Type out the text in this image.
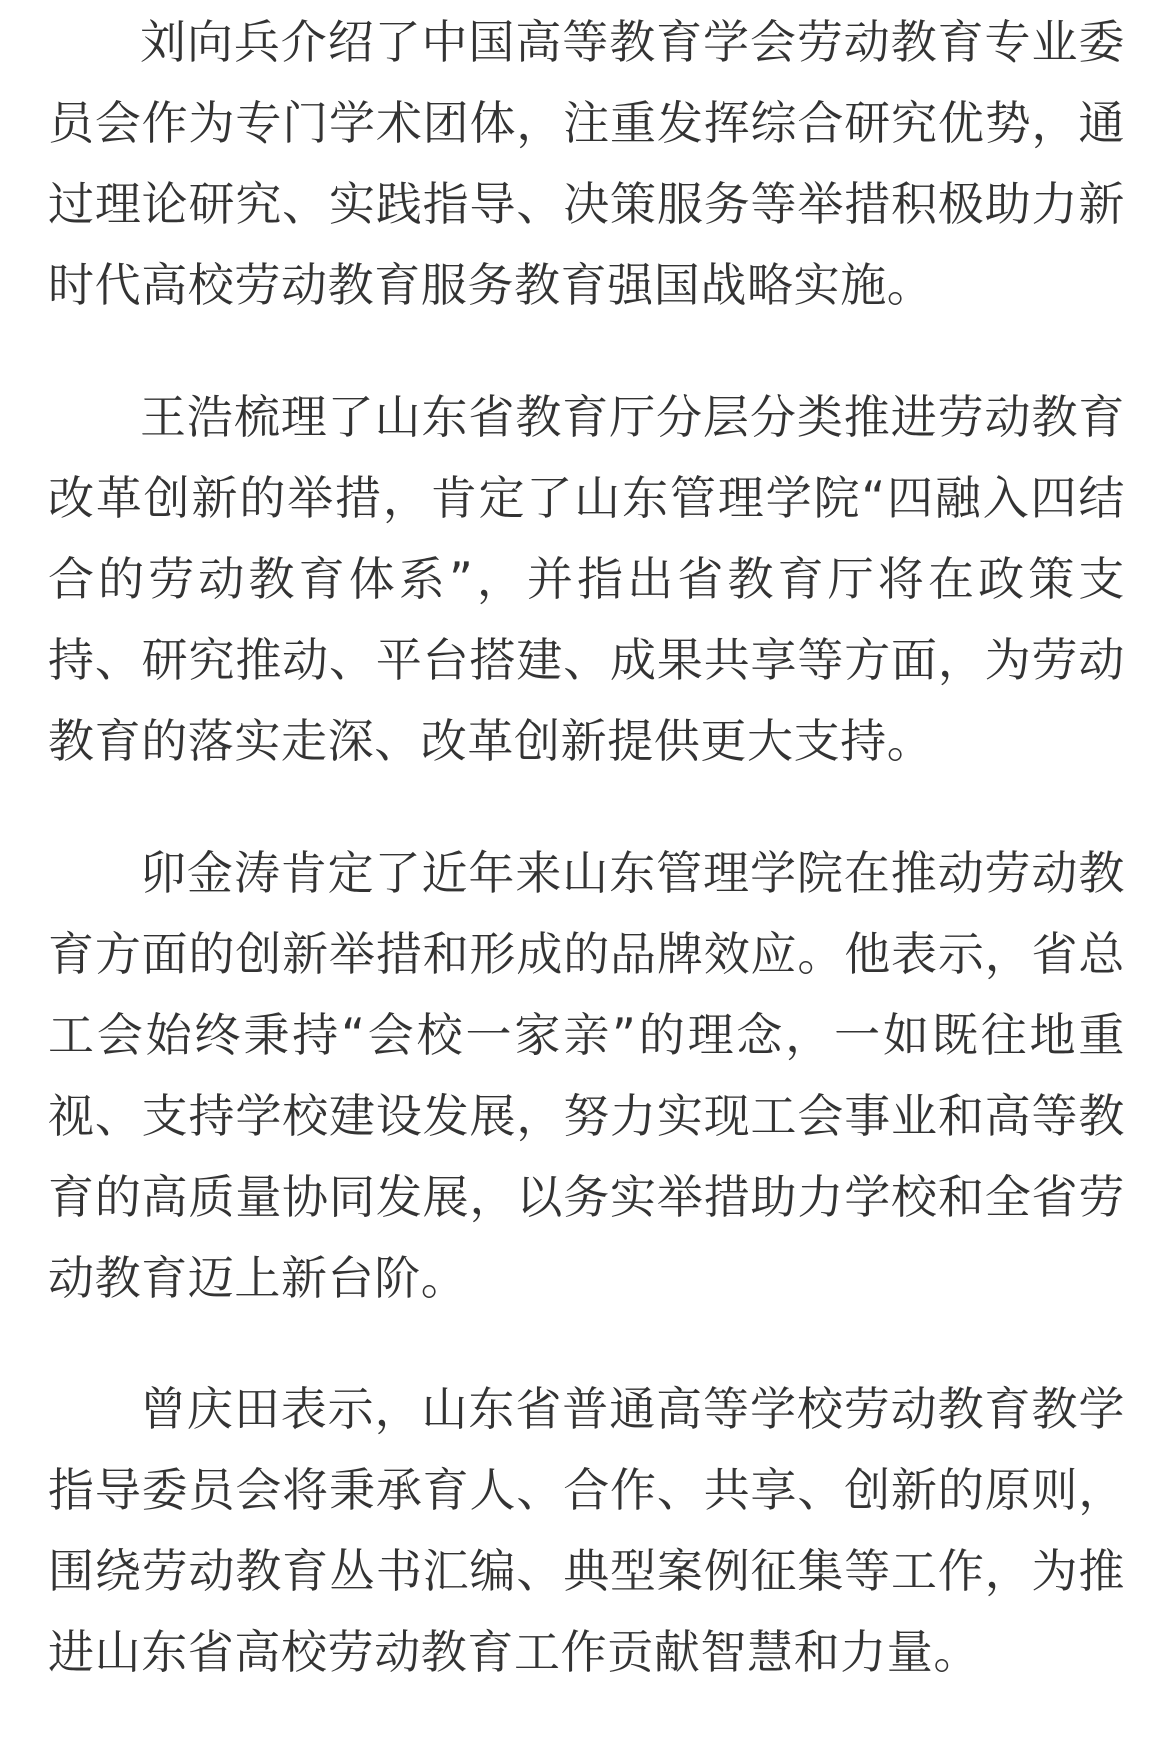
刘向兵介绍了中国高等教育学会劳动教育专业委员会作为专门学术团体，注重发挥综合研究优势，通过理论研究、实践指导、决策服务等举措积极助力新时代高校劳动教育服务教育强国战略实施。

王浩梳理了山东省教育厅分层分类推进劳动教育改革创新的举措，肯定了山东管理学院“四融入四结合的劳动教育体系”，并指出省教育厅将在政策支持、研究推动、平台搭建、成果共享等方面，为劳动教育的落实走深、改革创新提供更大支持。

卯金涛肯定了近年来山东管理学院在推动劳动教育方面的创新举措和形成的品牌效应。他表示，省总工会始终秉持“会校一家亲”的理念，一如既往地重视、支持学校建设发展，努力实现工会事业和高等教育的高质量协同发展，以务实举措助力学校和全省劳动教育迈上新台阶。

曾庆田表示，山东省普通高等学校劳动教育教学指导委员会将秉承育人、合作、共享、创新的原则，围绕劳动教育丛书汇编、典型案例征集等工作，为推进山东省高校劳动教育工作贡献智慧和力量。
